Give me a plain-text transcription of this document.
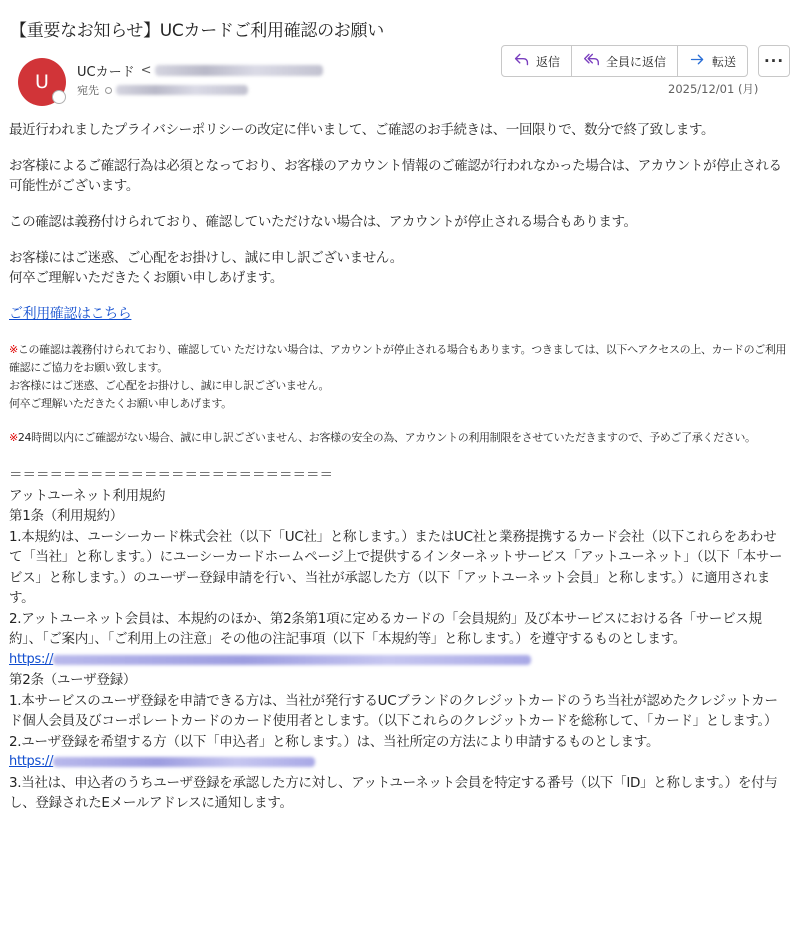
【重要なお知らせ】UCカードご利用確認のお願い
U	UCカード <
宛先
返信	全員に返信	転送	···
2025/12/01 (月)
最近行われましたプライバシーポリシーの改定に伴いまして、ご確認のお手続きは、一回限りで、数分で終了致します。
お客様によるご確認行為は必須となっており、お客様のアカウント情報のご確認が行われなかった場合は、アカウントが停止される可能性がございます。
この確認は義務付けられており、確認していただけない場合は、アカウントが停止される場合もあります。
お客様にはご迷惑、ご心配をお掛けし、誠に申し訳ございません。
何卒ご理解いただきたくお願い申しあげます。
ご利用確認はこちら
※この確認は義務付けられており、確認してい ただけない場合は、アカウントが停止される場合もあります。つきましては、以下へアクセスの上、カードのご利用確認にご協力をお願い致します。
お客様にはご迷惑、ご心配をお掛けし、誠に申し訳ございません。
何卒ご理解いただきたくお願い申しあげます。
※24時間以内にご確認がない場合、誠に申し訳ございません、お客様の安全の為、アカウントの利用制限をさせていただきますので、予めご了承ください。
＝＝＝＝＝＝＝＝＝＝＝＝＝＝＝＝＝＝＝＝＝＝＝＝
アットユーネット利用規約
第1条（利用規約）
1.本規約は、ユーシーカード株式会社（以下「UC社」と称します。）またはUC社と業務提携するカード会社（以下これらをあわせて「当社」と称します。）にユーシーカードホームページ上で提供するインターネットサービス「アットユーネット」（以下「本サービス」と称します。）のユーザー登録申請を行い、当社が承認した方（以下「アットユーネット会員」と称します。）に適用されます。
2.アットユーネット会員は、本規約のほか、第2条第1項に定めるカードの「会員規約」及び本サービスにおける各「サービス規約」、「ご案内」、「ご利用上の注意」その他の注記事項（以下「本規約等」と称します。）を遵守するものとします。
https://
第2条（ユーザ登録）
1.本サービスのユーザ登録を申請できる方は、当社が発行するUCブランドのクレジットカードのうち当社が認めたクレジットカード個人会員及びコーポレートカードのカード使用者とします。（以下これらのクレジットカードを総称して、「カード」とします。）
2.ユーザ登録を希望する方（以下「申込者」と称します。）は、当社所定の方法により申請するものとします。
https://
3.当社は、申込者のうちユーザ登録を承認した方に対し、アットユーネット会員を特定する番号（以下「ID」と称します。）を付与し、登録されたEメールアドレスに通知します。
